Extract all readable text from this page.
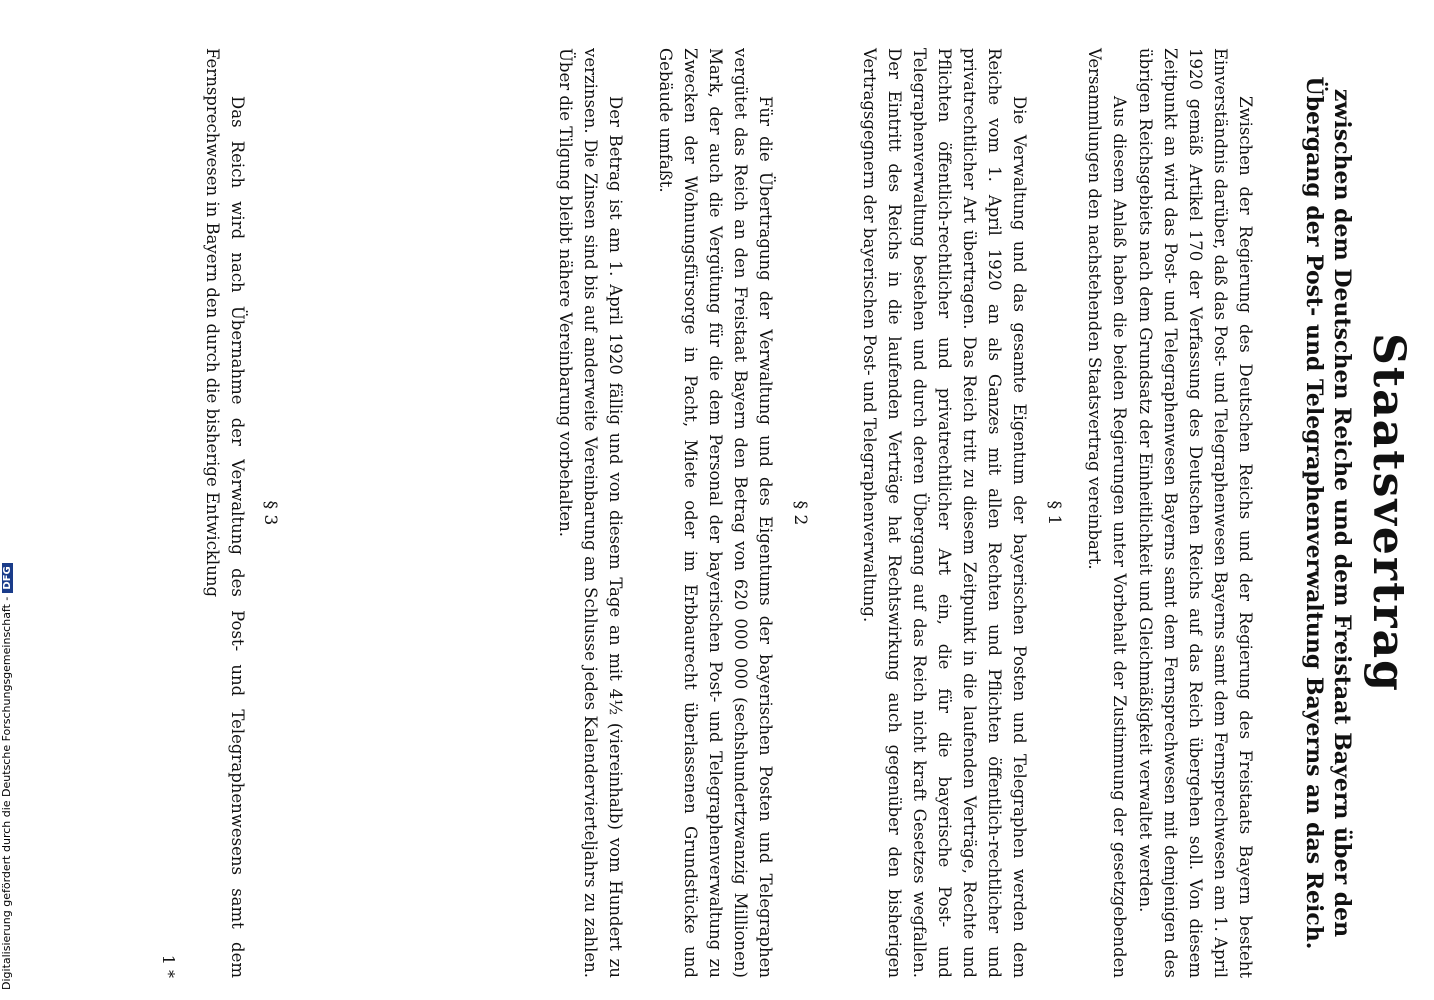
Digitalisierung gefördert durch die Deutsche Forschungsgemeinschaft -DFG	Staatsvertrag
zwischen dem Deutschen Reiche und dem Freistaat Bayern über den Übergang der Post- und Telegraphenverwaltung Bayerns an das Reich.
Zwischen der Regierung des Deutschen Reichs und der Regierung des Freistaats Bayern besteht Einverständnis darüber, daß das Post- und Telegraphenwesen Bayerns samt dem Fernsprechwesen am 1. April 1920 gemäß Artikel 170 der Verfassung des Deutschen Reichs auf das Reich übergehen soll. Von diesem Zeitpunkt an wird das Post- und Telegraphenwesen Bayerns samt dem Fernsprechwesen mit demjenigen des übrigen Reichsgebiets nach dem Grundsatz der Einheitlichkeit und Gleichmäßigkeit verwaltet werden.
Aus diesem Anlaß haben die beiden Regierungen unter Vorbehalt der Zustimmung der gesetzgebenden Versammlungen den nachstehenden Staatsvertrag vereinbart.
§ 1
Die Verwaltung und das gesamte Eigentum der bayerischen Posten und Telegraphen werden dem Reiche vom 1. April 1920 an als Ganzes mit allen Rechten und Pflichten öffentlich-rechtlicher und privatrechtlicher Art übertragen. Das Reich tritt zu diesem Zeitpunkt in die laufenden Verträge, Rechte und Pflichten öffentlich-rechtlicher und privatrechtlicher Art ein, die für die bayerische Post- und Telegraphenverwaltung bestehen und durch deren Übergang auf das Reich nicht kraft Gesetzes wegfallen. Der Eintritt des Reichs in die laufenden Verträge hat Rechtswirkung auch gegenüber den bisherigen Vertragsgegnern der bayerischen Post- und Telegraphenverwaltung.
§ 2
Für die Übertragung der Verwaltung und des Eigentums der bayerischen Posten und Telegraphen vergütet das Reich an den Freistaat Bayern den Betrag von 620 000 000 (sechshundertzwanzig Millionen) Mark, der auch die Vergütung für die dem Personal der bayerischen Post- und Telegraphenverwaltung zu Zwecken der Wohnungsfürsorge in Pacht, Miete oder im Erbbaurecht überlassenen Grundstücke und Gebäude umfaßt.
Der Betrag ist am 1. April 1920 fällig und von diesem Tage an mit 4½ (viereinhalb) vom Hundert zu verzinsen. Die Zinsen sind bis auf anderweite Vereinbarung am Schlusse jedes Kalendervierteljahrs zu zahlen. Über die Tilgung bleibt nähere Vereinbarung vorbehalten.
§ 3
Das Reich wird nach Übernahme der Verwaltung des Post- und Telegraphenwesens samt dem Fernsprechwesen in Bayern den durch die bisherige Entwicklung
1 *
